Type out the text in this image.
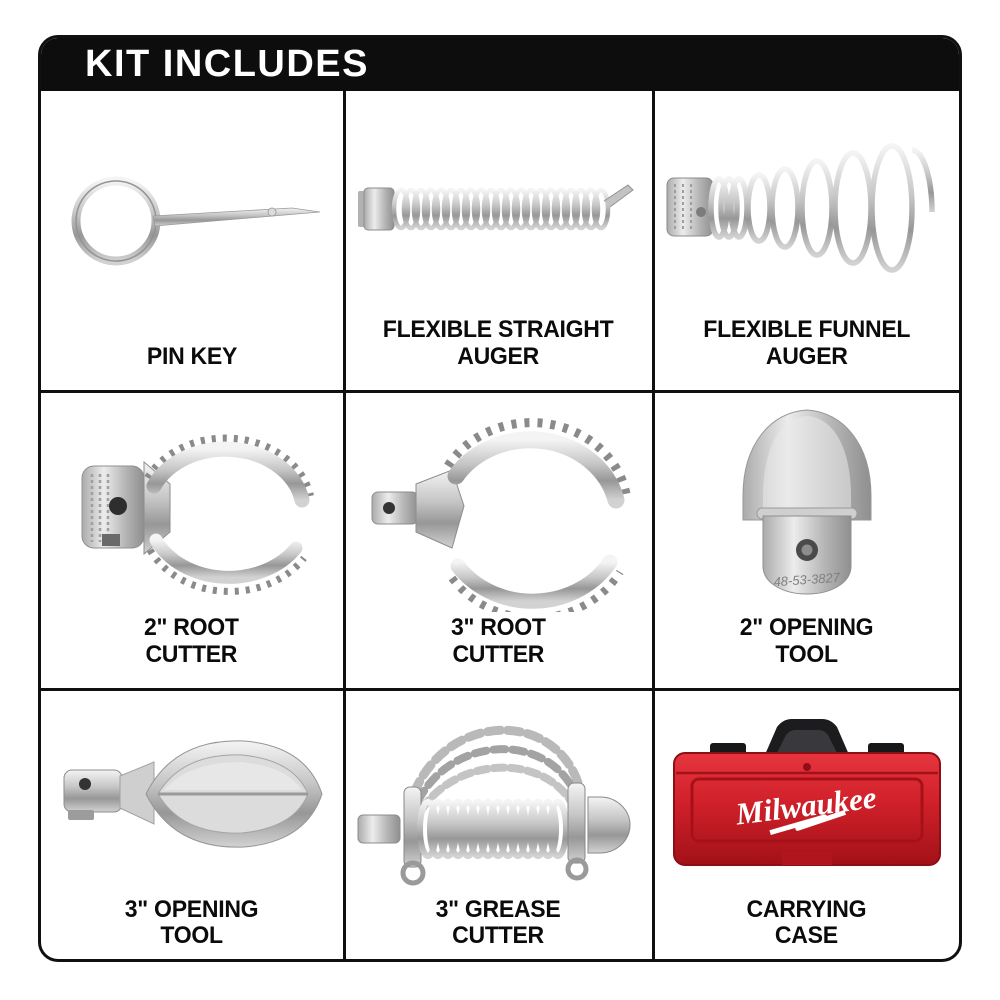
KIT INCLUDES
PIN KEY
FLEXIBLE STRAIGHT
AUGER
FLEXIBLE FUNNEL
AUGER
2" ROOT
CUTTER
3" ROOT
CUTTER
48-53-3827
2" OPENING
TOOL
3" OPENING
TOOL
3" GREASE
CUTTER
Milwaukee
CARRYING
CASE
